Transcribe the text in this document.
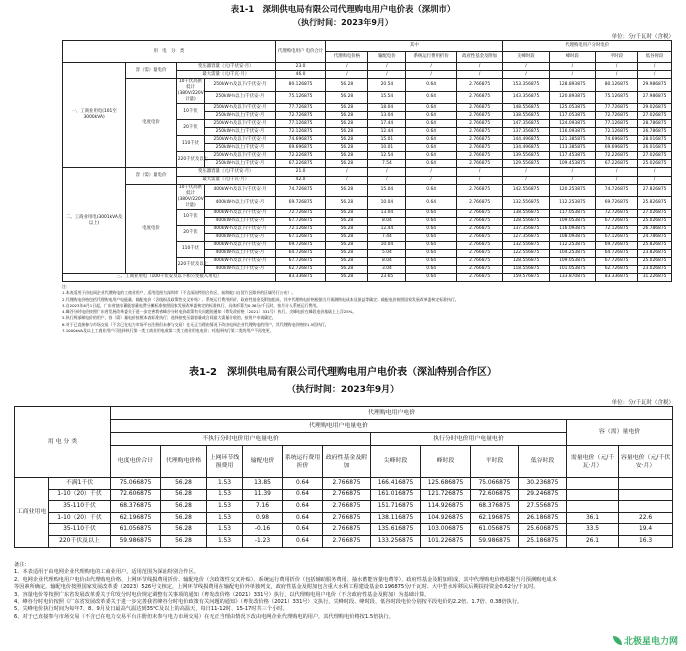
表1-1　深圳供电局有限公司代理购电用户电价表（深圳市）
（执行时间：2023年9月）
单位：分/千瓦时（含税）
用　电　分　类				代理购电用户 电价合计	其中				代理购电用户分时电价			
					代理购电价格	输配电价	系统运行费用折价	政府性基金及附加	尖峰时段	峰时段	平时段	低谷时段
一、工商业用电(101至3000kVA)	容（需）量电价	变压器容量（元/千伏安·月）		23.0	/	/	/	/	/	/	/	/
		最大需量（元/千瓦·月）		46.0	/	/	/	/	/	/	/	/
	电度电价	10千伏高供低计(380V/220V计量)	250kW·h及以下/千伏安·月	80.126875	56.28	20.54	0.64	2.766875	153.356875	128.893875	80.126875	29.986875
			250kW·h以上/千伏安·月	75.126875	56.28	15.54	0.64	2.766875	143.356875	120.893875	75.126875	27.986875
		10千伏	250kW·h及以下/千伏安·月	77.726875	56.28	18.04	0.64	2.766875	148.556875	125.053875	77.726875	29.026875
			250kW·h以上/千伏安·月	72.726875	56.28	13.04	0.64	2.766875	138.556875	117.053875	72.726875	27.026875
		20千伏	250kW·h及以下/千伏安·月	77.126875	56.28	17.44	0.64	2.766875	147.356875	124.093875	77.126875	28.786875
			250kW·h以上/千伏安·月	72.126875	56.28	12.44	0.64	2.766875	137.356875	116.093875	72.126875	26.786875
		110千伏	250kW·h及以下/千伏安·月	74.696875	56.28	15.01	0.64	2.766875	144.496875	121.385875	74.696875	28.016875
			250kW·h以上/千伏安·月	69.696875	56.28	10.01	0.64	2.766875	134.496875	113.385875	69.696875	26.016875
		220千伏及以上	250kW·h及以下/千伏安·月	72.226875	56.28	12.54	0.64	2.766875	139.556875	117.453875	72.226875	27.026875
			250kW·h以上/千伏安·月	67.226875	56.28	7.54	0.64	2.766875	129.556875	109.453875	67.226875	25.026875
二、工商业用电(3001kVA及以上)	容（需）量电价	变压器容量（元/千伏安·月）		21.0	/	/	/	/	/	/	/	/
		最大需量（元/千瓦·月）		42.0	/	/	/	/	/	/	/	/
	电度电价	10千伏高供低计(380V/220V计量)	400kW·h及以下/千伏安·月	74.726875	56.28	15.04	0.64	2.766875	142.556875	120.253875	74.726875	27.826875
			400kW·h以上/千伏安·月	69.726875	56.28	10.04	0.64	2.766875	132.556875	112.253875	69.726875	25.826875
		10千伏	400kW·h及以下/千伏安·月	72.726875	56.28	13.04	0.64	2.766875	138.556875	117.053875	72.726875	27.026875
			400kW·h以上/千伏安·月	67.726875	56.28	8.04	0.64	2.766875	128.556875	109.053875	67.726875	25.026875
		20千伏	400kW·h及以下/千伏安·月	72.126875	56.28	12.44	0.64	2.766875	137.356875	116.093875	72.126875	26.786875
			400kW·h以上/千伏安·月	67.126875	56.28	7.44	0.64	2.766875	127.356875	108.093875	67.126875	24.786875
		110千伏	400kW·h及以下/千伏安·月	69.726875	56.28	10.04	0.64	2.766875	132.556875	112.253875	69.726875	25.826875
			400kW·h以上/千伏安·月	64.726875	56.28	5.04	0.64	2.766875	122.556875	104.253875	64.726875	23.826875
		220千伏及以上	400kW·h及以下/千伏安·月	67.726875	56.28	8.04	0.64	2.766875	128.556875	109.053875	67.726875	25.026875
			400kW·h以上/千伏安·月	62.726875	56.28	3.04	0.64	2.766875	118.556875	101.053875	62.726875	23.026875
三、工商业用电（100千伏安及以下和公变接入用电）				83.336875	56.28	23.65	0.64	2.766875	159.576875	133.870875	83.336875	31.226875
注：
1.本表适用于由电网企业代理购电的工商业用户，适用范围为深圳市（不含深汕特别合作区，前海蛇口自贸片区除外的区域另行公布）。
2.代理购电价格包括代理购电用户电能量、输配电价（含线损及政策性交叉补贴）、系统运行费用折价、政府性基金及附加组成，其中代理购电价格根据当月预测购电成本及损益等确定；输配电价按照国家发展改革委核定标准执行。
3.自2023年6月1日起，广东省抽水蓄能容量电费分摊标准按照国家发展改革委核定的标准执行，具体折算为0.36分/千瓦时，按月计入系统运行费用。
4.峰谷分时电价按照广东省发展改革委关于进一步完善我省峰谷分时电价政策有关问题的通知（粤发改价格〔2021〕331号）执行，尖峰电价在峰段电价基础上上浮25%。
5.执行两部制电价的用户，容（需）量电价按照本表标准执行；选择按变压器容量或合同最大需量计收的，按用户申请确定。
6.对于已直接参与市场交易（不含已在电力市场平台注册但未参与交易）在无正当理由情况下改由电网企业代理购电的用户，其代理购电价格按1.5倍执行。
7.1000kVA及以上工商业用户可选择执行第一类工商业用电或第二类工商业用电电价；对选择执行第二类的用户不再变更。
表1-2　深圳供电局有限公司代理购电用户电价表（深汕特别合作区）
（执行时间：2023年9月）
单位：分/千瓦时（含税）
用 电 分 类		代理购电用户电价											
		代理购电用户电量电价										容（需）量电价	
		不执行分时电价用户电量电价						执行分时电价用户电量电价					
		电度电价合计	代理购电价格	上网环节线损费用	输配电价	系统运行费用折价	政府性基金及附加	尖峰时段	峰时段	平时段	低谷时段	需量电价（元/千瓦·月）	容量电价（元/千伏安·月）
工商业用电	不满1千伏	75.066875	56.28	1.53	13.85	0.64	2.766875	166.416875	125.686875	75.066875	30.236875		
	1-10（20）千伏	72.606875	56.28	1.53	11.39	0.64	2.766875	161.016875	121.726875	72.606875	29.246875		
	35-110千伏	68.376875	56.28	1.53	7.16	0.64	2.766875	151.716875	114.926875	68.376875	27.556875		
	1-10（20）千伏	62.196875	56.28	1.53	0.98	0.64	2.766875	138.116875	104.926875	62.196875	26.186875	36.1	22.6
	35-110千伏	61.056875	56.28	1.53	-0.16	0.64	2.766875	135.616875	103.006875	61.056875	25.606875	33.5	19.4
	220千伏及以上	59.986875	56.28	1.53	-1.23	0.64	2.766875	133.256875	101.226875	59.986875	25.186875	26.1	16.3
备注：
1、本表适用于由电网企业代理购电的工商业用户，适用范围为深汕特别合作区。
2、电网企业代理购电用户电价由代理购电价格、上网环节线损费用折价、输配电价（含政策性交叉补贴）、系统运行费用折价（包括辅助服务费用、抽水蓄能容量电费等）、政府性基金及附加组成，其中代理购电价格根据当月预测购电成本
等因素所确定，输配电价按照国家发展改革委（2023）526号文核定，上网环节线损费用在输配电价外单独列支，政府性基金及附加包含重大水利工程建设基金0.196875分/千瓦时、大中型水库移民后期扶持资金0.62分/千瓦时。
3、容量电价等按照广东省发展改革委关于印发分时电价规定调整有关事项的通知（粤发改价格（2021）331号）执行，以代理购电用户电价（不含政府性基金及附加）为基础计算。
4、峰谷分时电价按照《广东省发展改革委关于进一步完善我省峰谷分时电价政策有关问题的通知》（粤发改价格（2021）331号）文执行，尖峰时段、峰时段、低谷时段电价分别按平段电价的2.2倍、1.7倍、0.38倍执行。
5、尖峰电价执行时间为每年7、8、9月及日最高气温达到35℃及以上的高温天，每日11-12时、15-17时共三个小时。
6、对于已直接参与市场交易（不含已在电力交易平台注册但未参与电力市场交易）在无正当理由情况下改由电网企业代理购电的用户，其代理购电价格按1.5倍执行。
北极星电力网
